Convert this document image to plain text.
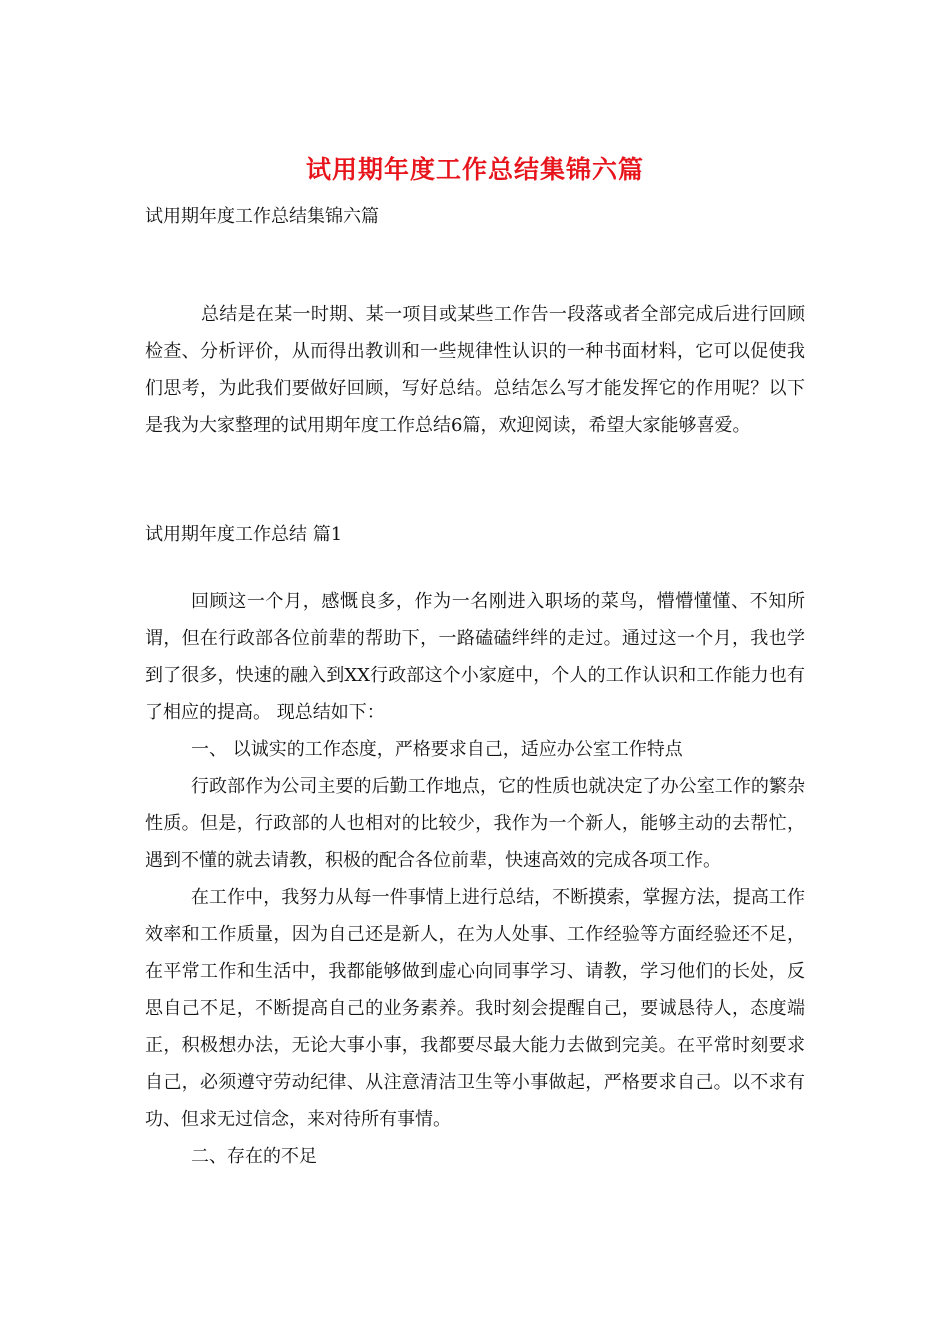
试用期年度工作总结集锦六篇
试用期年度工作总结集锦六篇

总结是在某一时期、某一项目或某些工作告一段落或者全部完成后进行回顾检查、分析评价，从而得出教训和一些规律性认识的一种书面材料，它可以促使我们思考，为此我们要做好回顾，写好总结。总结怎么写才能发挥它的作用呢？以下是我为大家整理的试用期年度工作总结6篇，欢迎阅读，希望大家能够喜爱。

试用期年度工作总结 篇1

回顾这一个月，感慨良多，作为一名刚进入职场的菜鸟，懵懵懂懂、不知所谓，但在行政部各位前辈的帮助下，一路磕磕绊绊的走过。通过这一个月，我也学到了很多，快速的融入到XX行政部这个小家庭中，个人的工作认识和工作能力也有了相应的提高。 现总结如下：

一、 以诚实的工作态度，严格要求自己，适应办公室工作特点

行政部作为公司主要的后勤工作地点，它的性质也就决定了办公室工作的繁杂性质。但是，行政部的人也相对的比较少，我作为一个新人，能够主动的去帮忙，遇到不懂的就去请教，积极的配合各位前辈，快速高效的完成各项工作。

在工作中，我努力从每一件事情上进行总结，不断摸索，掌握方法，提高工作效率和工作质量，因为自己还是新人，在为人处事、工作经验等方面经验还不足，在平常工作和生活中，我都能够做到虚心向同事学习、请教，学习他们的长处，反思自己不足，不断提高自己的业务素养。我时刻会提醒自己，要诚恳待人，态度端正，积极想办法，无论大事小事，我都要尽最大能力去做到完美。在平常时刻要求自己，必须遵守劳动纪律、从注意清洁卫生等小事做起，严格要求自己。以不求有功、但求无过信念，来对待所有事情。

二、存在的不足
